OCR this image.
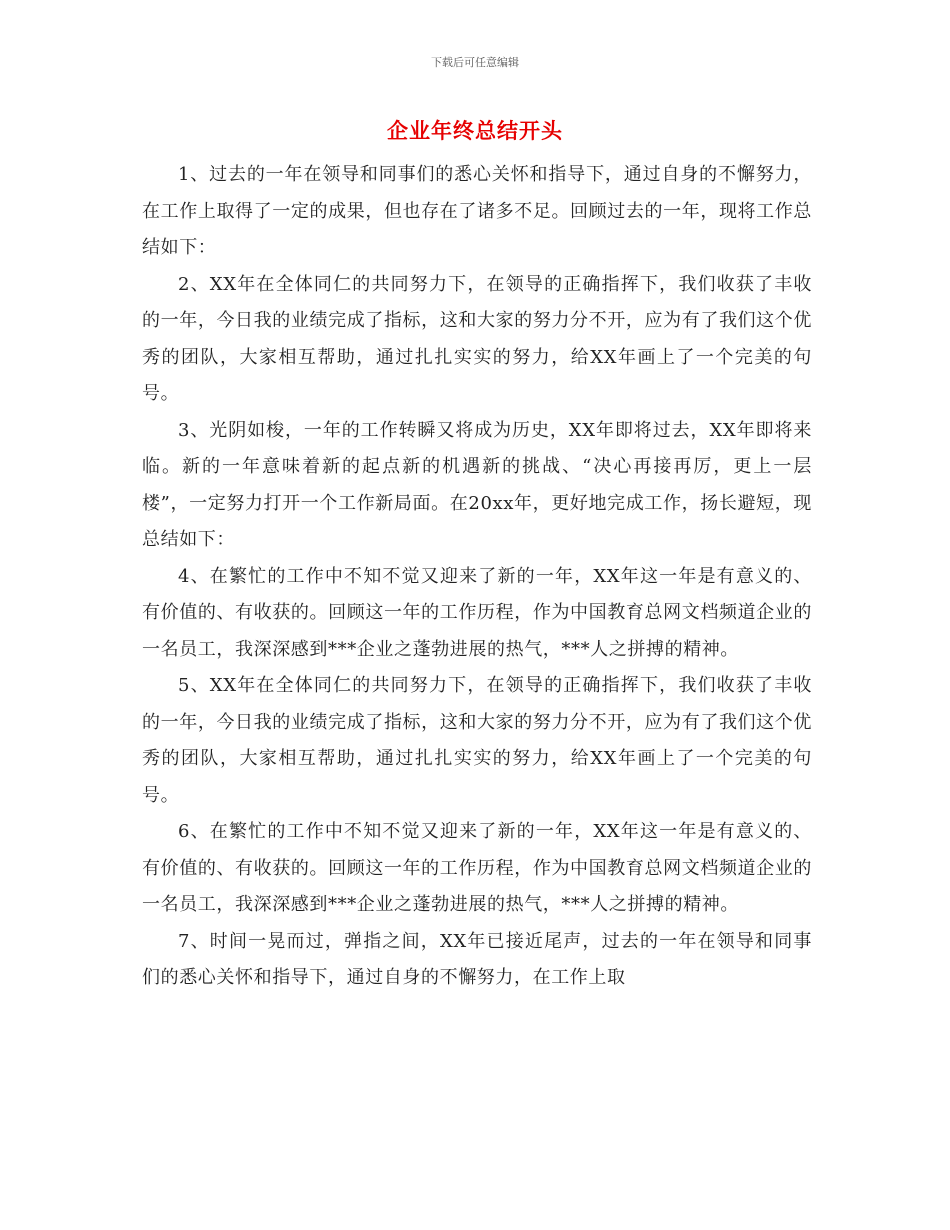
下载后可任意编辑
企业年终总结开头

1、过去的一年在领导和同事们的悉心关怀和指导下，通过自身的不懈努力，在工作上取得了一定的成果，但也存在了诸多不足。回顾过去的一年，现将工作总结如下：

2、XX年在全体同仁的共同努力下，在领导的正确指挥下，我们收获了丰收的一年，今日我的业绩完成了指标，这和大家的努力分不开，应为有了我们这个优秀的团队，大家相互帮助，通过扎扎实实的努力，给XX年画上了一个完美的句号。

3、光阴如梭，一年的工作转瞬又将成为历史，XX年即将过去，XX年即将来临。新的一年意味着新的起点新的机遇新的挑战、“决心再接再厉，更上一层楼”，一定努力打开一个工作新局面。在20xx年，更好地完成工作，扬长避短，现总结如下：

4、在繁忙的工作中不知不觉又迎来了新的一年，XX年这一年是有意义的、有价值的、有收获的。回顾这一年的工作历程，作为中国教育总网文档频道企业的一名员工，我深深感到***企业之蓬勃进展的热气，***人之拼搏的精神。

5、XX年在全体同仁的共同努力下，在领导的正确指挥下，我们收获了丰收的一年，今日我的业绩完成了指标，这和大家的努力分不开，应为有了我们这个优秀的团队，大家相互帮助，通过扎扎实实的努力，给XX年画上了一个完美的句号。

6、在繁忙的工作中不知不觉又迎来了新的一年，XX年这一年是有意义的、有价值的、有收获的。回顾这一年的工作历程，作为中国教育总网文档频道企业的一名员工，我深深感到***企业之蓬勃进展的热气，***人之拼搏的精神。

7、时间一晃而过，弹指之间，XX年已接近尾声，过去的一年在领导和同事们的悉心关怀和指导下，通过自身的不懈努力，在工作上取
